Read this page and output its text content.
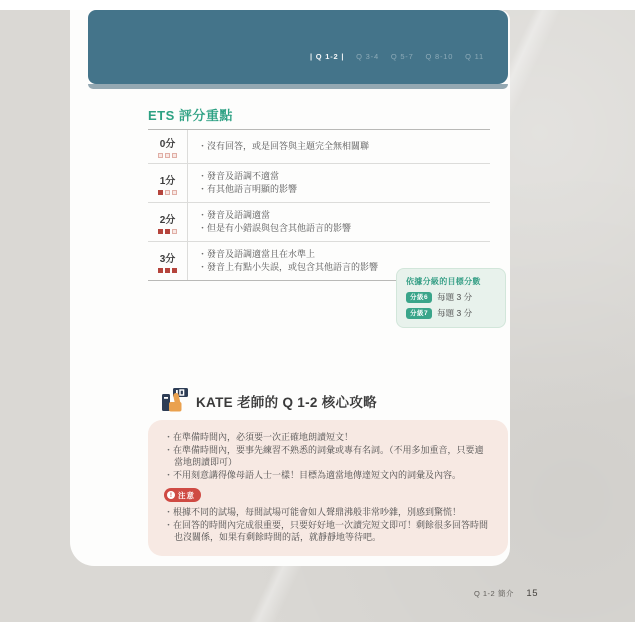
| Q 1-2 | Q 3-4 Q 5-7 Q 8-10 Q 11
ETS 評分重點
0分	・ 沒有回答，或是回答與主題完全無相關聯
1分	・ 發音及語調不適當
・ 有其他語言明顯的影響
2分	・ 發音及語調適當
・ 但是有小錯誤與包含其他語言的影響
3分	・ 發音及語調適當且在水準上
・ 發音上有點小失誤，或包含其他語言的影響
依據分級的目標分數
分級6	每題 3 分
分級7	每題 3 分
KATE 老師的 Q 1-2 核心攻略
・ 在準備時間內，必須要一次正確地朗讀短文！
・ 在準備時間內，要事先練習不熟悉的詞彙或專有名詞。（不用多加重音，只要適當地朗讀即可）
・ 不用刻意講得像母語人士一樣！目標為適當地傳達短文內的詞彙及內容。
!
注意
・ 根據不同的試場，每間試場可能會如人聲鼎沸般非常吵雜，別感到驚慌！
・ 在回答的時間內完成很重要，只要好好地一次讀完短文即可！剩餘很多回答時間也沒關係，如果有剩餘時間的話，就靜靜地等待吧。
Q 1-2 簡介 15
